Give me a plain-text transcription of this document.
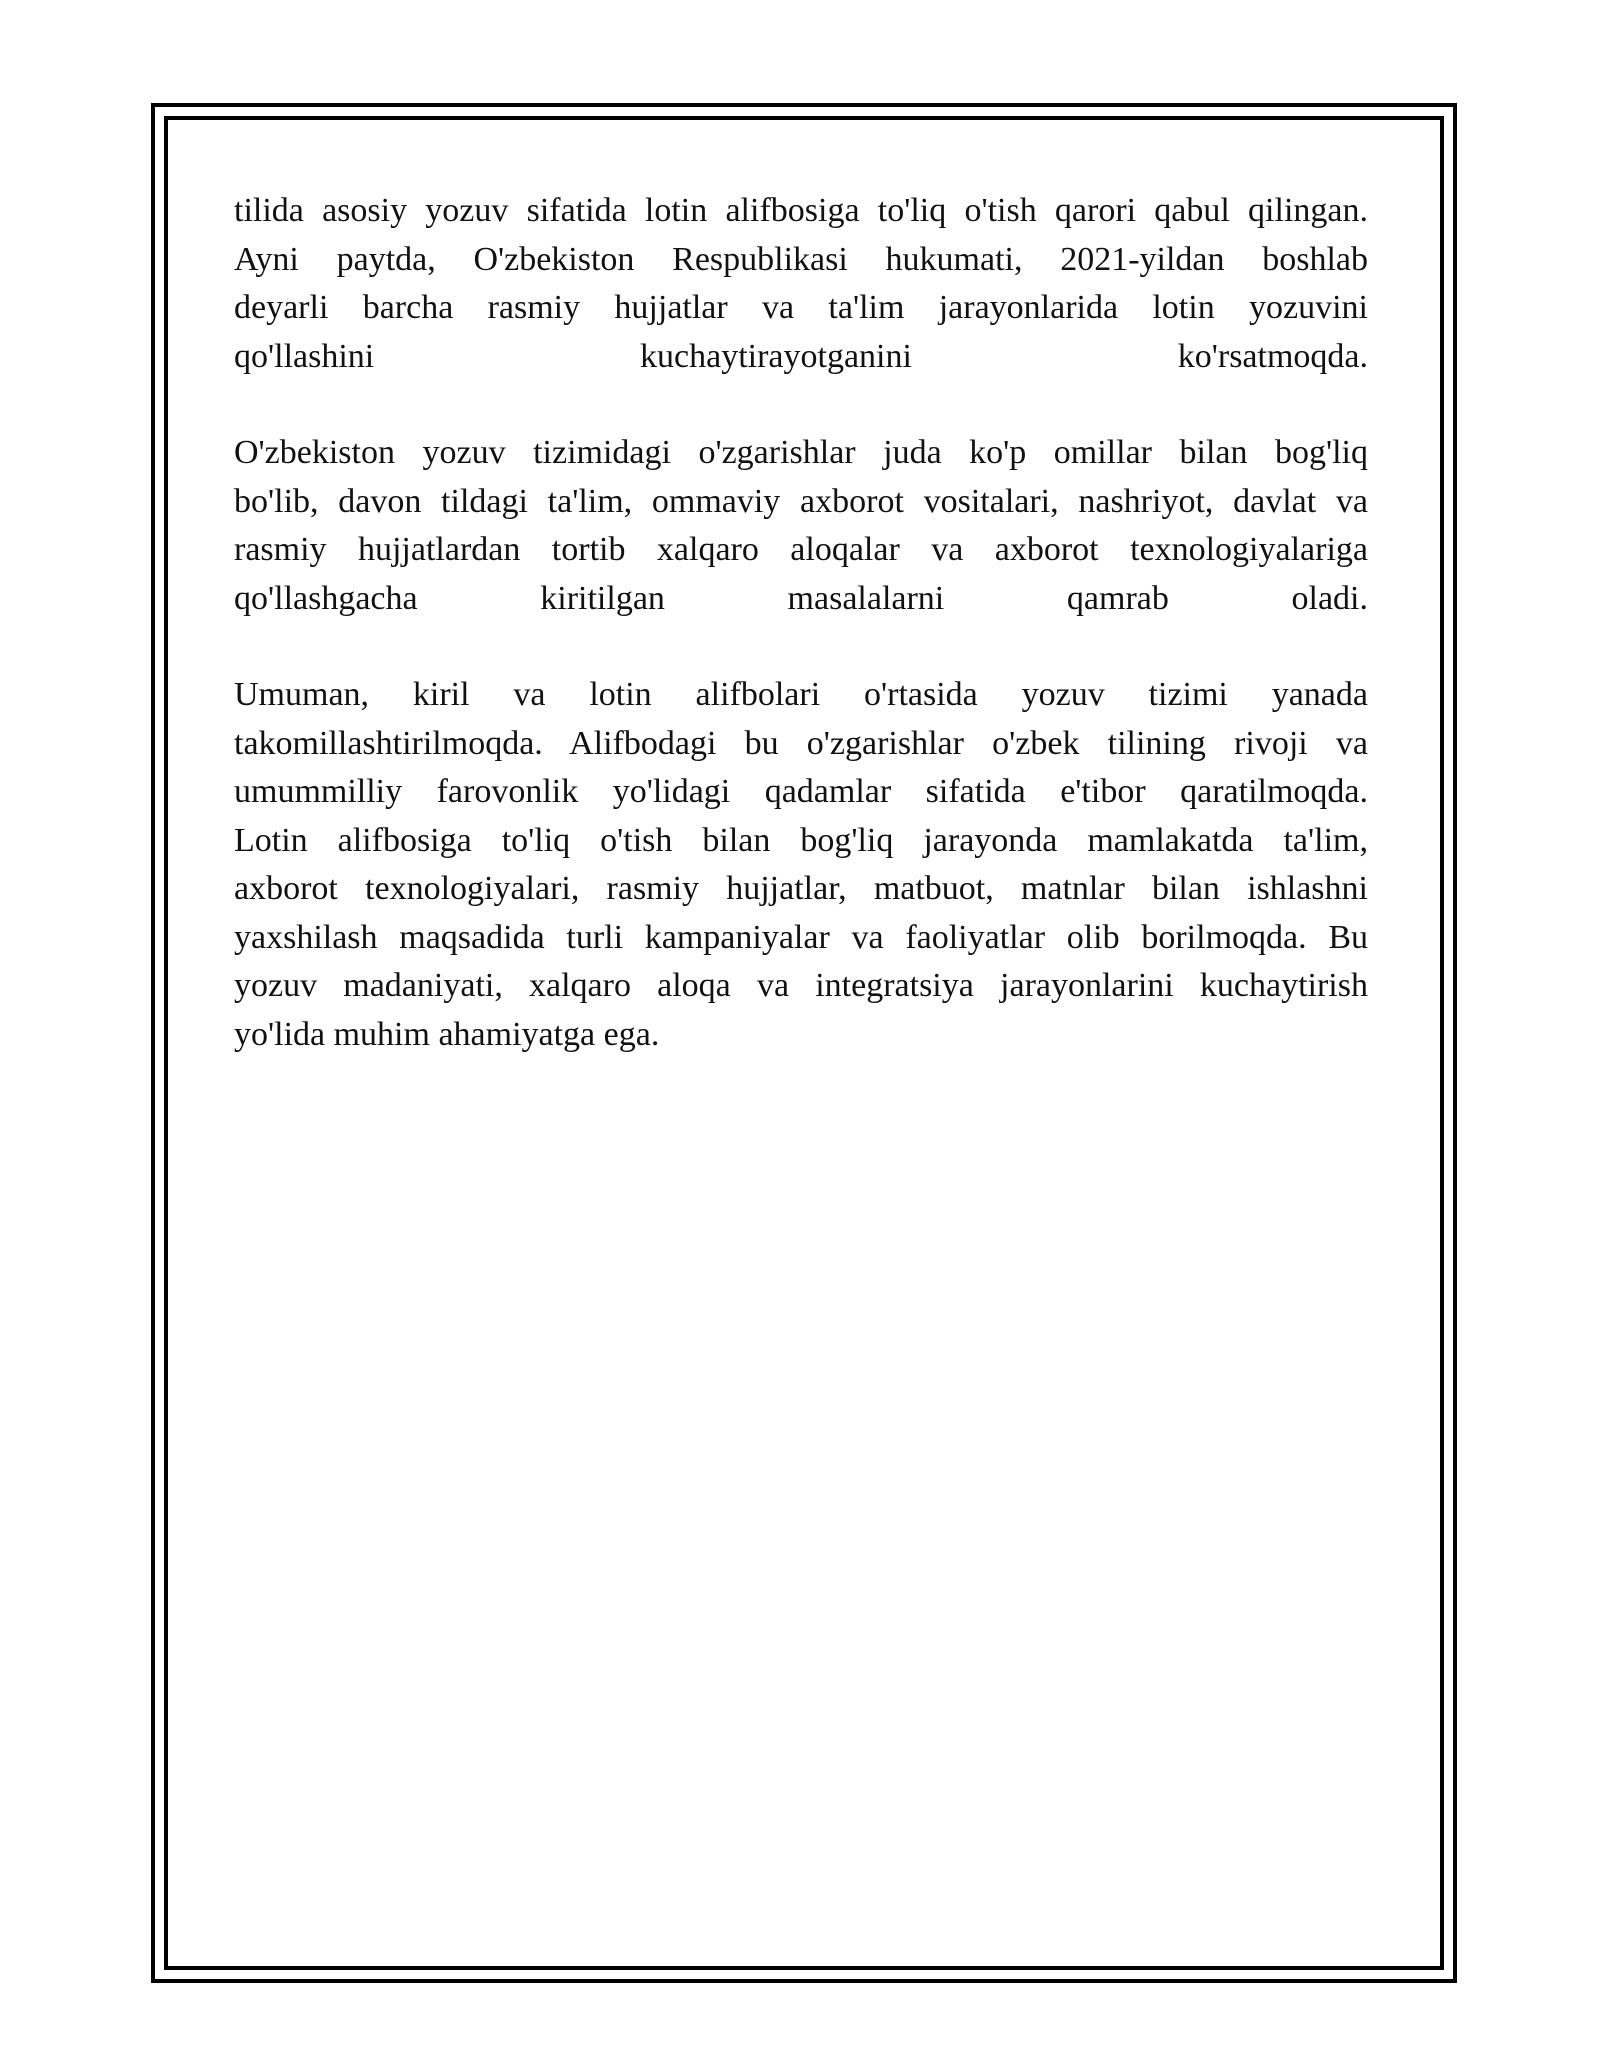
tilida asosiy yozuv sifatida lotin alifbosiga to'liq o'tish qarori qabul qilingan.
Ayni paytda, O'zbekiston Respublikasi hukumati, 2021-yildan boshlab
deyarli barcha rasmiy hujjatlar va ta'lim jarayonlarida lotin yozuvini
qo'llashini kuchaytirayotganini ko'rsatmoqda.

O'zbekiston yozuv tizimidagi o'zgarishlar juda ko'p omillar bilan bog'liq
bo'lib, davon tildagi ta'lim, ommaviy axborot vositalari, nashriyot, davlat va
rasmiy hujjatlardan tortib xalqaro aloqalar va axborot texnologiyalariga
qo'llashgacha kiritilgan masalalarni qamrab oladi.

Umuman, kiril va lotin alifbolari o'rtasida yozuv tizimi yanada
takomillashtirilmoqda. Alifbodagi bu o'zgarishlar o'zbek tilining rivoji va
umummilliy farovonlik yo'lidagi qadamlar sifatida e'tibor qaratilmoqda.
Lotin alifbosiga to'liq o'tish bilan bog'liq jarayonda mamlakatda ta'lim,
axborot texnologiyalari, rasmiy hujjatlar, matbuot, matnlar bilan ishlashni
yaxshilash maqsadida turli kampaniyalar va faoliyatlar olib borilmoqda. Bu
yozuv madaniyati, xalqaro aloqa va integratsiya jarayonlarini kuchaytirish
yo'lida muhim ahamiyatga ega.
